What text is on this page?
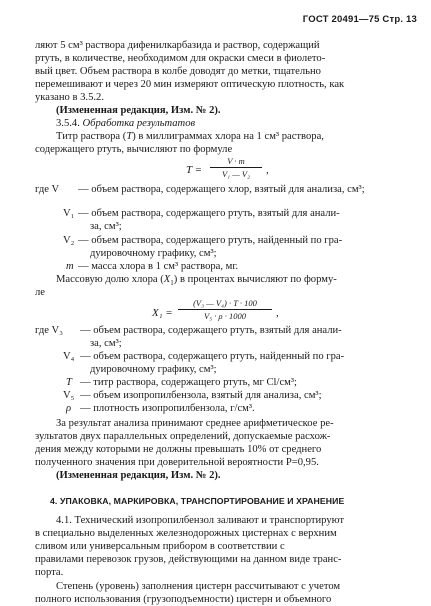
ГОСТ 20491—75 Стр. 13
ляют 5 см³ раствора дифенилкарбазида и раствор, содержащий
ртуть, в количестве, необходимом для окраски смеси в фиолето-
вый цвет. Объем раствора в колбе доводят до метки, тщательно
перемешивают и через 20 мин измеряют оптическую плотность, как
указано в 3.5.2.
(Измененная редакция, Изм. № 2).
3.5.4. Обработка результатов
Титр раствора (T) в миллиграммах хлора на 1 см³ раствора,
содержащего ртуть, вычисляют по формуле
T =
V · m
V₁ — V₂	,
где V — объем раствора, содержащего хлор, взятый для анализа, см³;
V₁ — объем раствора, содержащего ртуть, взятый для анали-
за, см³;
V₂ — объем раствора, содержащего ртуть, найденный по гра-
дуировочному графику, см³;
m — масса хлора в 1 см³ раствора, мг.
Массовую долю хлора $(X_1)$ в процентах вычисляют по форму-
ле
X₁ =
(V₃ — V₄) · T · 100
V₅ · ρ · 1000	,
где V₃ — объем раствора, содержащего ртуть, взятый для анали-
за, см³;
V₄ — объем раствора, содержащего ртуть, найденный по гра-
дуировочному графику, см³;
T — титр раствора, содержащего ртуть, мг Cl/см³;
V₅ — объем изопропилбензола, взятый для анализа, см³;
ρ — плотность изопропилбензола, г/см³.
За результат анализа принимают среднее арифметическое ре-
зультатов двух параллельных определений, допускаемые расхож-
дения между которыми не должны превышать 10% от среднего
полученного значения при доверительной вероятности P=0,95.
(Измененная редакция, Изм. № 2).
4. УПАКОВКА, МАРКИРОВКА, ТРАНСПОРТИРОВАНИЕ И ХРАНЕНИЕ
4.1. Технический изопропилбензол заливают и транспортируют
в специально выделенных железнодорожных цистернах с верхним
сливом или универсальным прибором в соответствии с
правилами перевозок грузов, действующими на данном виде транс-
порта.
Степень (уровень) заполнения цистерн рассчитывают с учетом
полного использования (грузоподъемности) цистерн и объемного
